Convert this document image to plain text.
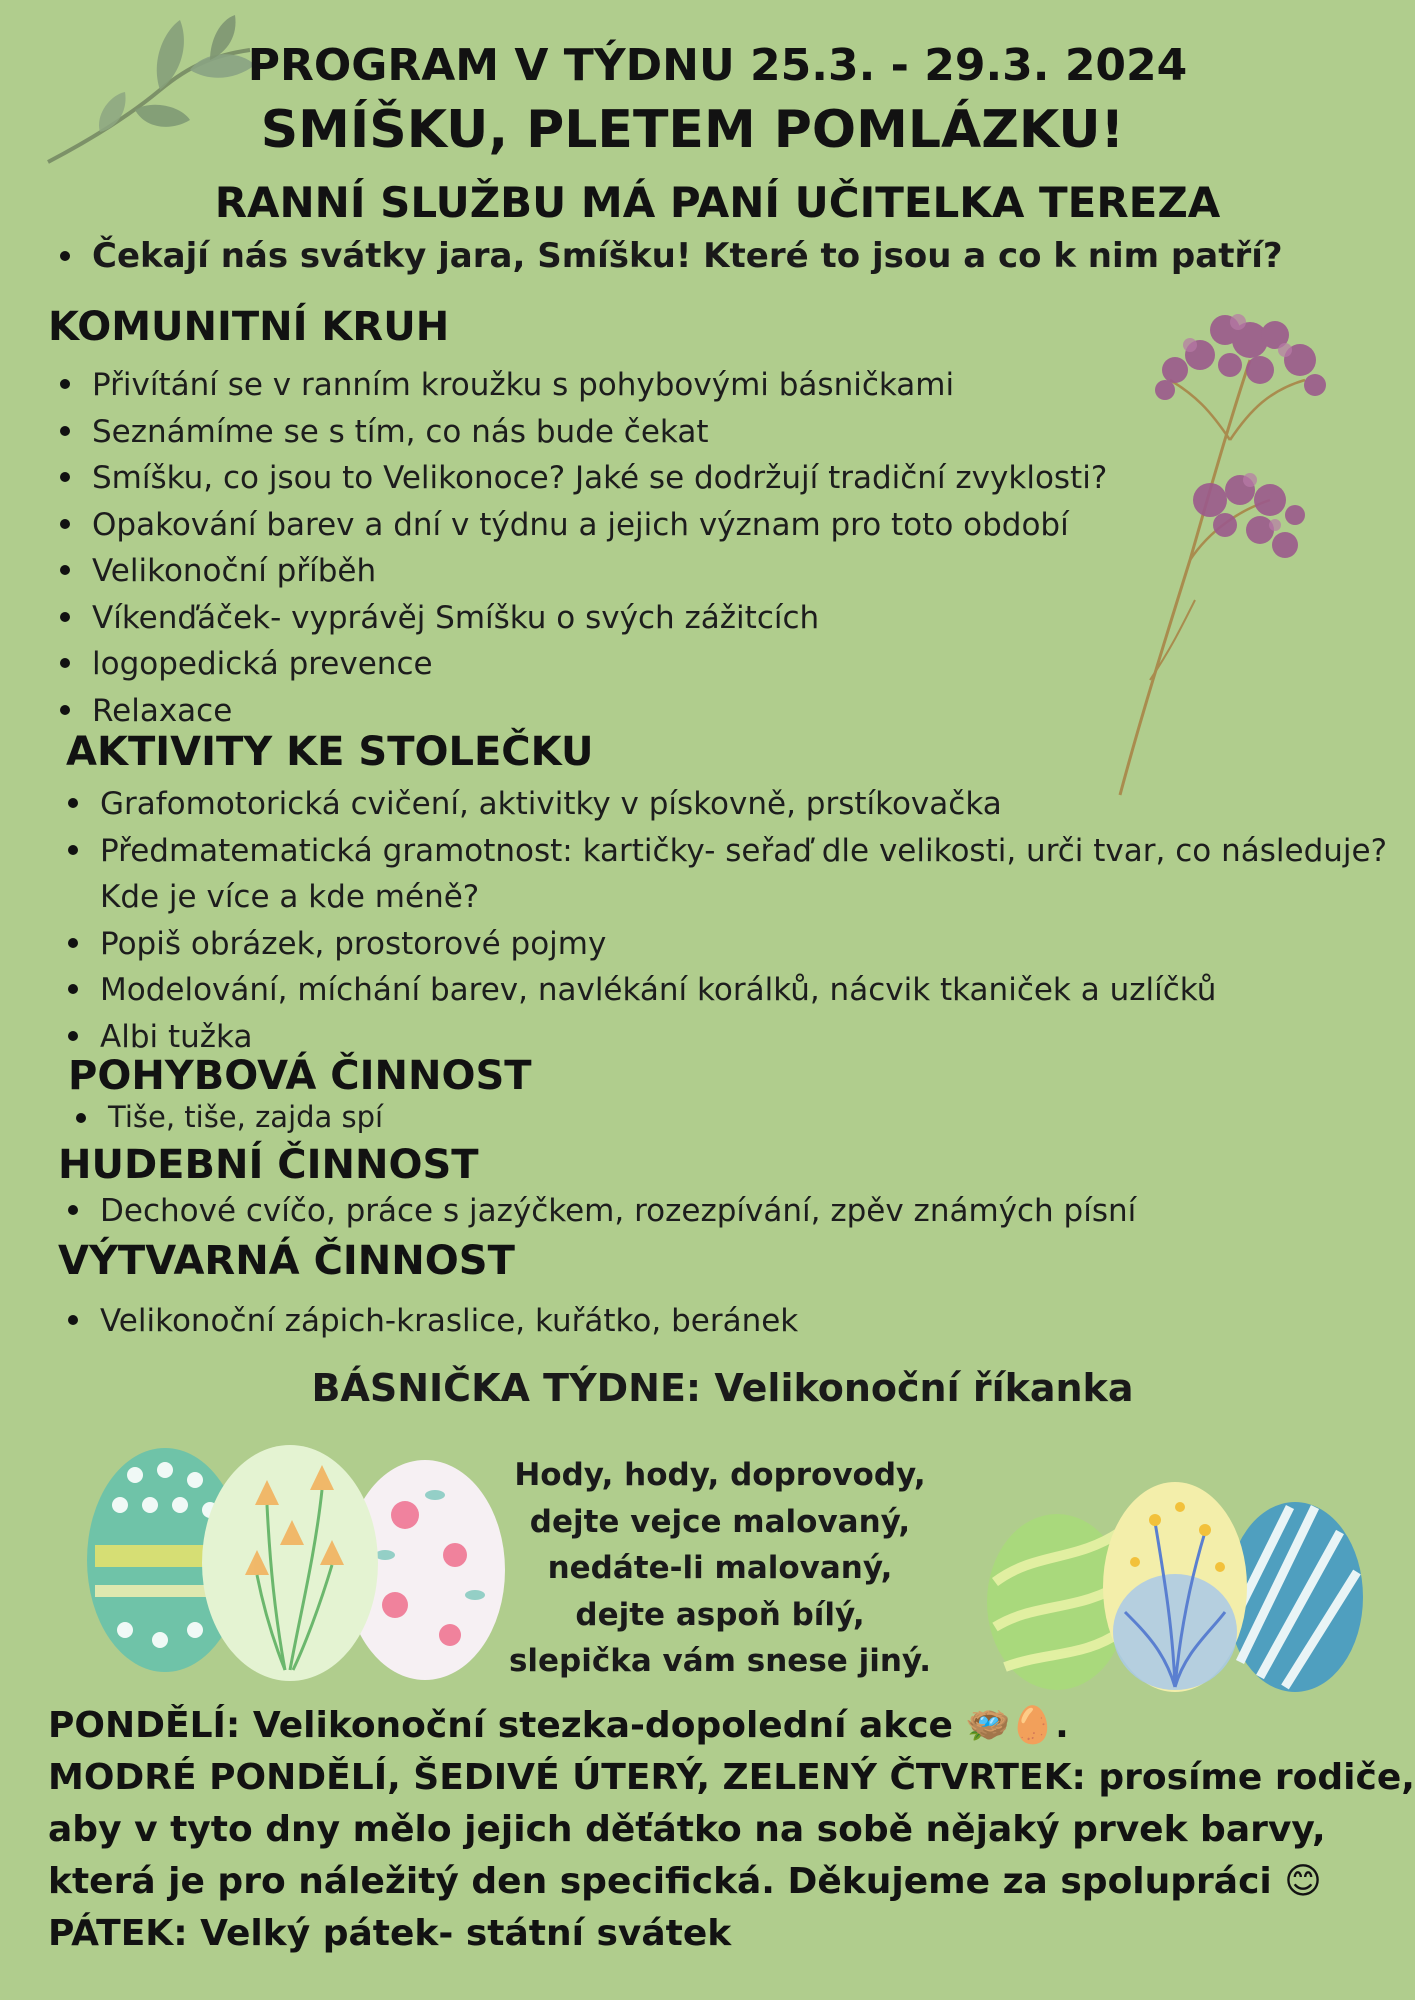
PROGRAM V TÝDNU 25.3. - 29.3. 2024
SMÍŠKU, PLETEM POMLÁZKU!
RANNÍ SLUŽBU MÁ PANÍ UČITELKA TEREZA
Čekají nás svátky jara, Smíšku! Které to jsou a co k nim patří?
KOMUNITNÍ KRUH
Přivítání se v ranním kroužku s pohybovými básničkami
Seznámíme se s tím, co nás bude čekat
Smíšku, co jsou to Velikonoce? Jaké se dodržují tradiční zvyklosti?
Opakování barev a dní v týdnu a jejich význam pro toto období
Velikonoční příběh
Víkenďáček- vyprávěj Smíšku o svých zážitcích
logopedická prevence
Relaxace
AKTIVITY KE STOLEČKU
Grafomotorická cvičení, aktivitky v pískovně, prstíkovačka
Předmatematická gramotnost: kartičky- seřaď dle velikosti, urči tvar, co následuje? Kde je více a kde méně?
Popiš obrázek, prostorové pojmy
Modelování, míchání barev, navlékání korálků, nácvik tkaniček a uzlíčků
Albi tužka
POHYBOVÁ ČINNOST
Tiše, tiše, zajda spí
HUDEBNÍ ČINNOST
Dechové cvíčo, práce s jazýčkem, rozezpívání, zpěv známých písní
VÝTVARNÁ ČINNOST
Velikonoční zápich-kraslice, kuřátko, beránek
BÁSNIČKA TÝDNE: Velikonoční říkanka
Hody, hody, doprovody,
dejte vejce malovaný,
nedáte-li malovaný,
dejte aspoň bílý,
slepička vám snese jiný.
PONDĚLÍ: Velikonoční stezka-dopolední akce 🪺🥚.
MODRÉ PONDĚLÍ, ŠEDIVÉ ÚTERÝ, ZELENÝ ČTVRTEK: prosíme rodiče,
aby v tyto dny mělo jejich děťátko na sobě nějaký prvek barvy,
která je pro náležitý den specifická. Děkujeme za spolupráci 😊
PÁTEK: Velký pátek- státní svátek
